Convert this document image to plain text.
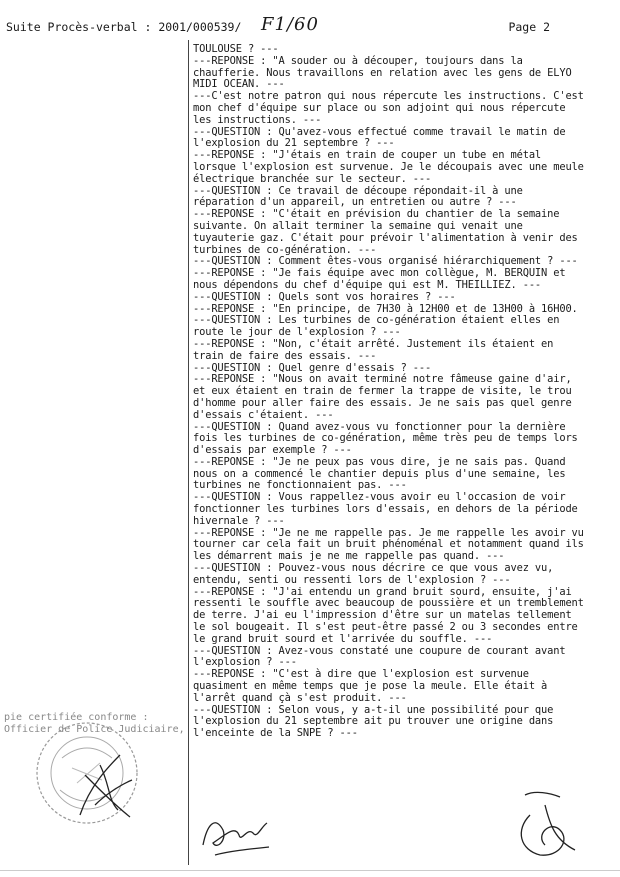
Suite Procès-verbal : 2001/000539/ F1/60	Page 2
TOULOUSE ? ---
---REPONSE : "A souder ou à découper, toujours dans la
chaufferie. Nous travaillons en relation avec les gens de ELYO
MIDI OCEAN. ---
---C'est notre patron qui nous répercute les instructions. C'est
mon chef d'équipe sur place ou son adjoint qui nous répercute
les instructions. ---
---QUESTION : Qu'avez-vous effectué comme travail le matin de
l'explosion du 21 septembre ? ---
---REPONSE : "J'étais en train de couper un tube en métal
lorsque l'explosion est survenue. Je le découpais avec une meule
électrique branchée sur le secteur. ---
---QUESTION : Ce travail de découpe répondait-il à une
réparation d'un appareil, un entretien ou autre ? ---
---REPONSE : "C'était en prévision du chantier de la semaine
suivante. On allait terminer la semaine qui venait une
tuyauterie gaz. C'était pour prévoir l'alimentation à venir des
turbines de co-génération. ---
---QUESTION : Comment êtes-vous organisé hiérarchiquement ? ---
---REPONSE : "Je fais équipe avec mon collègue, M. BERQUIN et
nous dépendons du chef d'équipe qui est M. THEILLIEZ. ---
---QUESTION : Quels sont vos horaires ? ---
---REPONSE : "En principe, de 7H30 à 12H00 et de 13H00 à 16H00.
---QUESTION : Les turbines de co-génération étaient elles en
route le jour de l'explosion ? ---
---REPONSE : "Non, c'était arrêté. Justement ils étaient en
train de faire des essais. ---
---QUESTION : Quel genre d'essais ? ---
---REPONSE : "Nous on avait terminé notre fâmeuse gaine d'air,
et eux étaient en train de fermer la trappe de visite, le trou
d'homme pour aller faire des essais. Je ne sais pas quel genre
d'essais c'étaient. ---
---QUESTION : Quand avez-vous vu fonctionner pour la dernière
fois les turbines de co-génération, même très peu de temps lors
d'essais par exemple ? ---
---REPONSE : "Je ne peux pas vous dire, je ne sais pas. Quand
nous on a commencé le chantier depuis plus d'une semaine, les
turbines ne fonctionnaient pas. ---
---QUESTION : Vous rappellez-vous avoir eu l'occasion de voir
fonctionner les turbines lors d'essais, en dehors de la période
hivernale ? ---
---REPONSE : "Je ne me rappelle pas. Je me rappelle les avoir vu
tourner car cela fait un bruit phénoménal et notamment quand ils
les démarrent mais je ne me rappelle pas quand. ---
---QUESTION : Pouvez-vous nous décrire ce que vous avez vu,
entendu, senti ou ressenti lors de l'explosion ? ---
---REPONSE : "J'ai entendu un grand bruit sourd, ensuite, j'ai
ressenti le souffle avec beaucoup de poussière et un tremblement
de terre. J'ai eu l'impression d'être sur un matelas tellement
le sol bougeait. Il s'est peut-être passé 2 ou 3 secondes entre
le grand bruit sourd et l'arrivée du souffle. ---
---QUESTION : Avez-vous constaté une coupure de courant avant
l'explosion ? ---
---REPONSE : "C'est à dire que l'explosion est survenue
quasiment en même temps que je pose la meule. Elle était à
l'arrêt quand çà s'est produit. ---
---QUESTION : Selon vous, y a-t-il une possibilité pour que
l'explosion du 21 septembre ait pu trouver une origine dans
l'enceinte de la SNPE ? ---
pie certifiée conforme :
Officier de Police Judiciaire,
